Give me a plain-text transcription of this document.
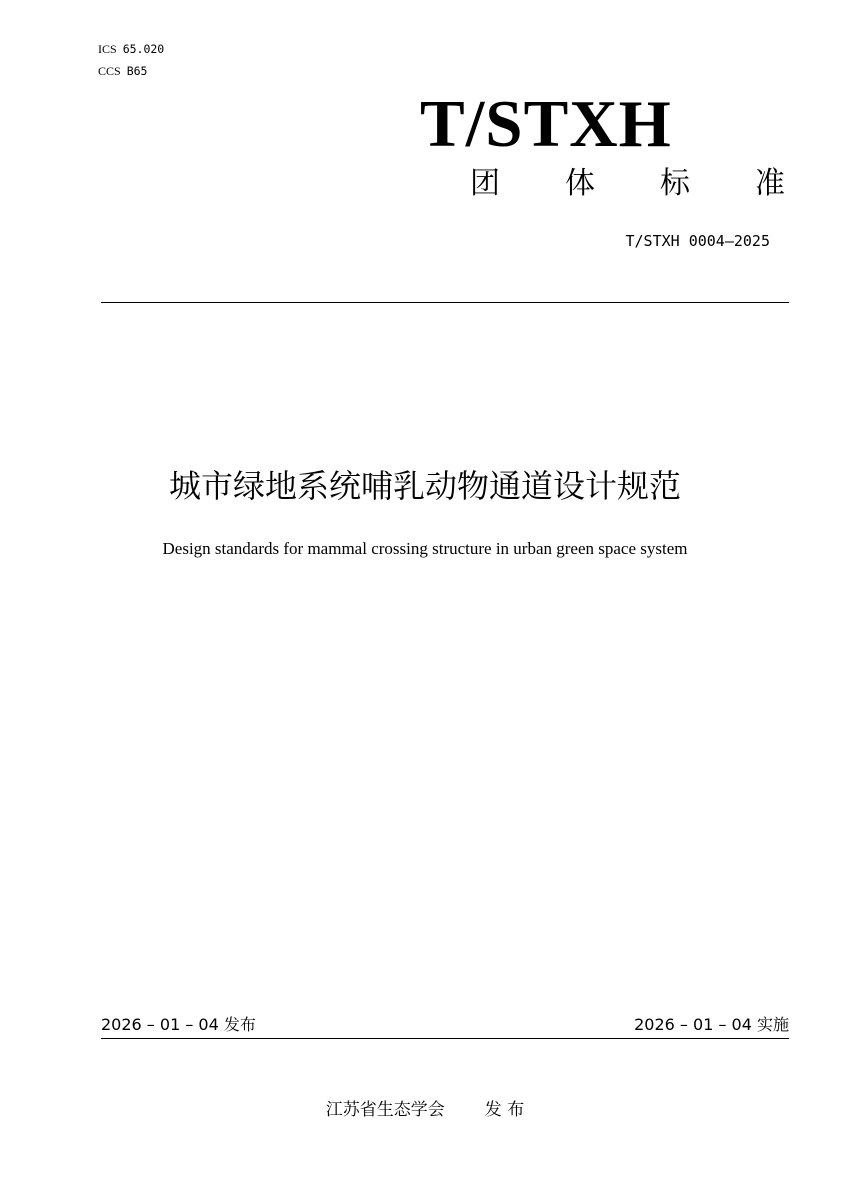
ICS 65.020
CCS B65
T/STXH
团 体 标 准
T/STXH 0004—2025
城市绿地系统哺乳动物通道设计规范
Design standards for mammal crossing structure in urban green space system
2026 – 01 – 04 发布	2026 – 01 – 04 实施
江苏省生态学会 发 布
